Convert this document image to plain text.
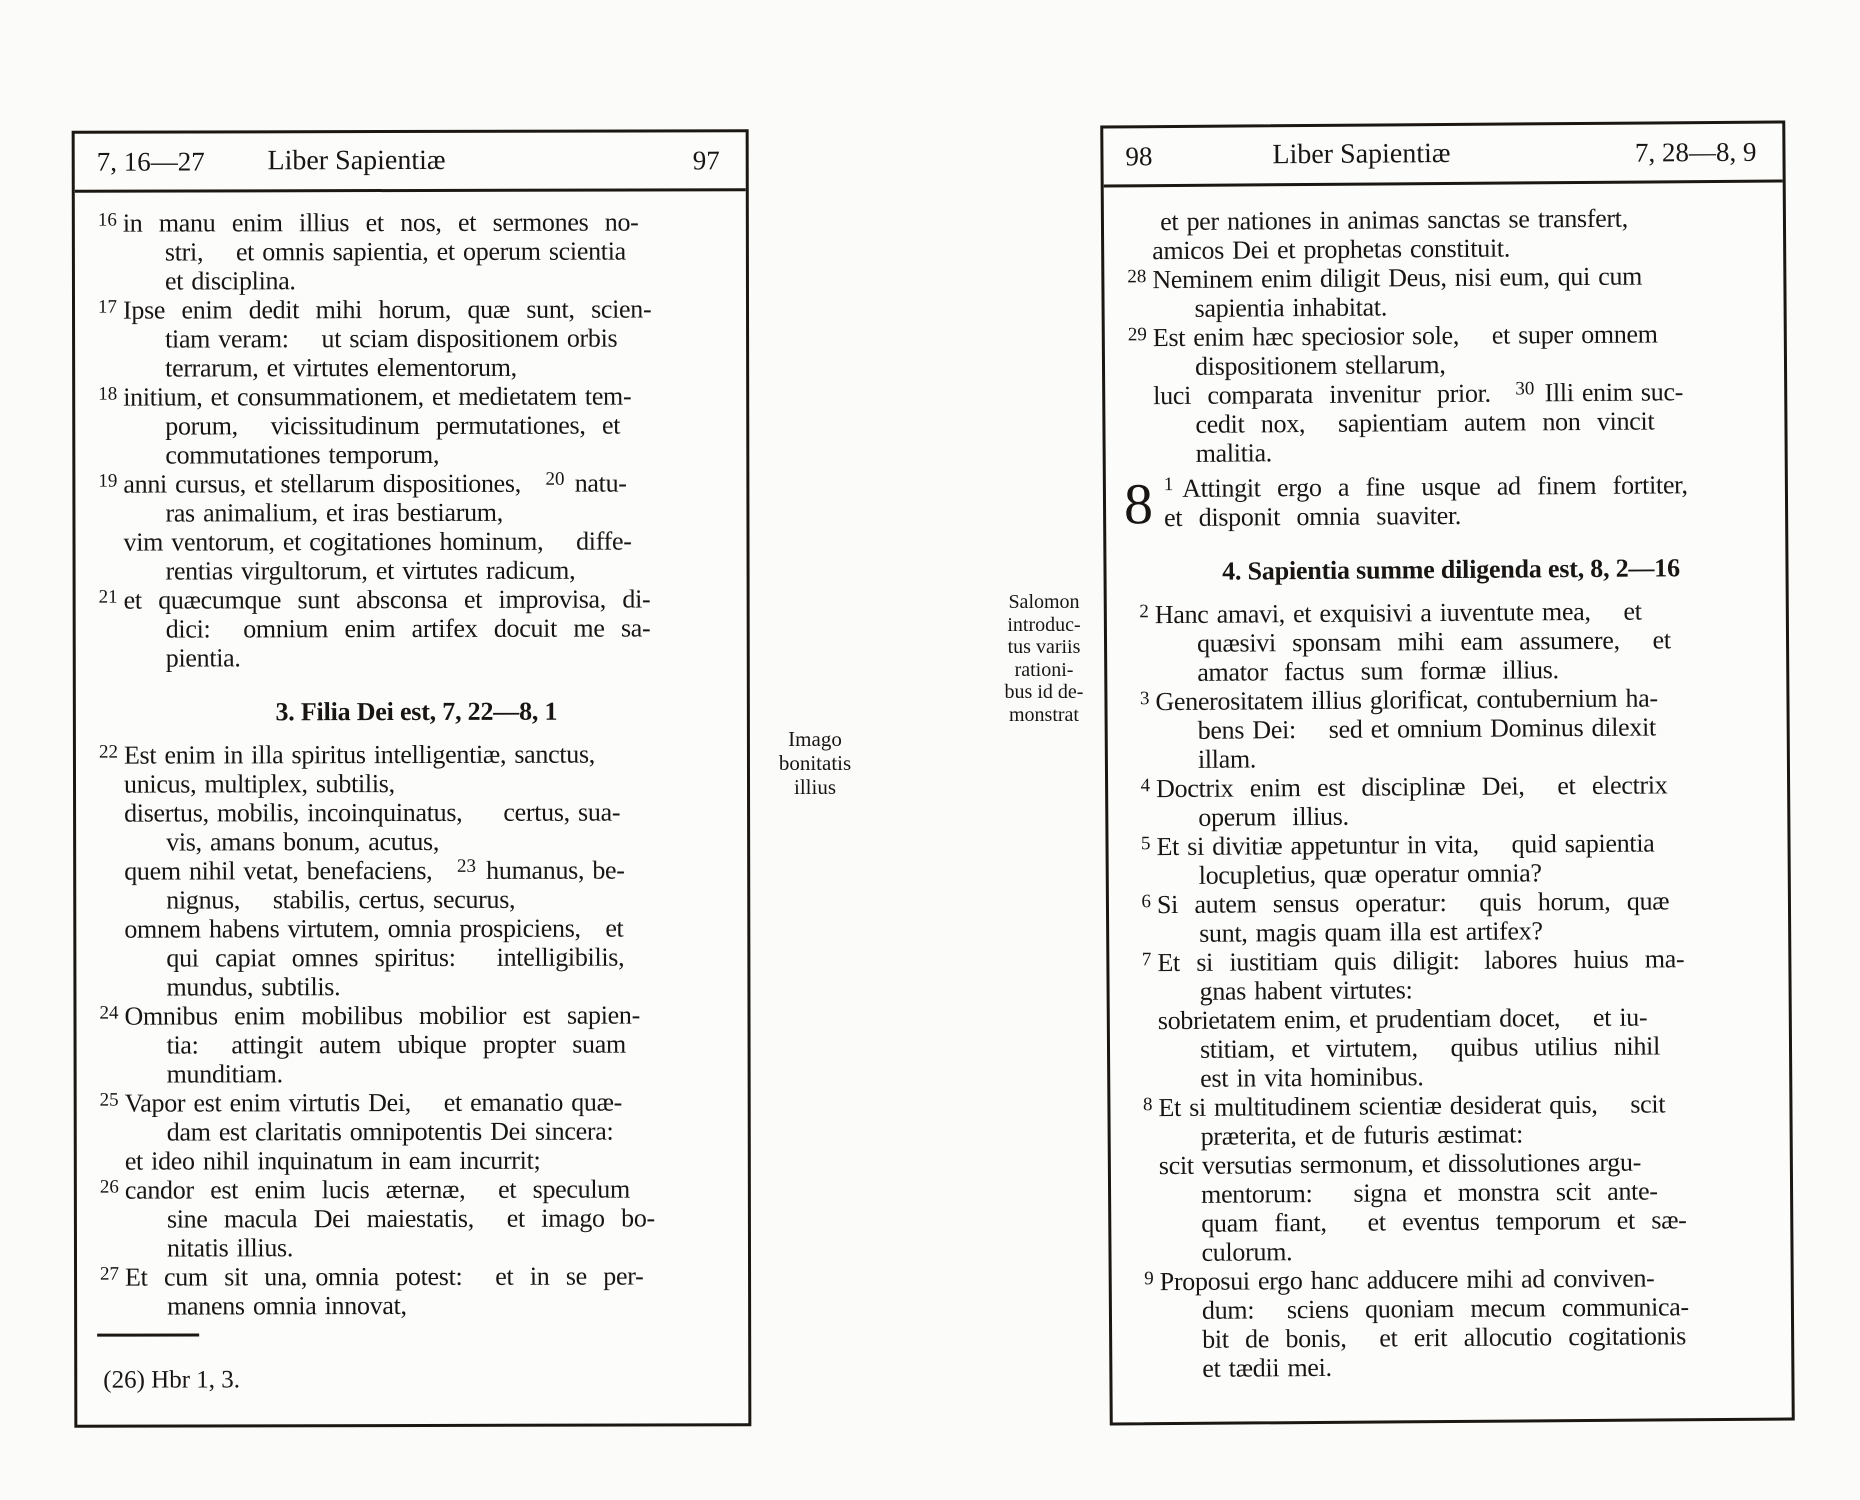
7, 16—27 Liber Sapientiæ	97
16 in  manu  enim  illius  et  nos,  et  sermones  no-
stri,    et omnis sapientia, et operum scientia
et disciplina.
17 Ipse  enim  dedit  mihi  horum,  quæ  sunt,  scien-
tiam veram:    ut sciam dispositionem orbis
terrarum, et virtutes elementorum,
18 initium, et consummationem, et medietatem tem-
porum,    vicissitudinum  permutationes,  et
commutationes temporum,
19 anni cursus, et stellarum dispositiones,   $^{20}$ natu-
ras animalium, et iras bestiarum,
vim ventorum, et cogitationes hominum,    diffe-
rentias virgultorum, et virtutes radicum,
21 et  quæcumque  sunt  absconsa  et  improvisa,  di-
dici:    omnium  enim  artifex  docuit  me  sa-
pientia.
3. Filia Dei est, 7, 22—8, 1
22 Est enim in illa spiritus intelligentiæ, sanctus,
unicus, multiplex, subtilis,
disertus, mobilis, incoinquinatus,     certus, sua-
vis, amans bonum, acutus,
quem nihil vetat, benefaciens,   $^{23}$ humanus, be-
nignus,    stabilis, certus, securus,
omnem habens virtutem, omnia prospiciens,   et
qui  capiat  omnes  spiritus:     intelligibilis,
mundus, subtilis.
24 Omnibus  enim  mobilibus  mobilior  est  sapien-
tia:    attingit  autem  ubique  propter  suam
munditiam.
25 Vapor est enim virtutis Dei,    et emanatio quæ-
dam est claritatis omnipotentis Dei sincera:
et ideo nihil inquinatum in eam incurrit;
26 candor  est  enim  lucis  æternæ,    et  speculum
sine  macula  Dei  maiestatis,    et  imago  bo-
nitatis illius.
27 Et  cum  sit  una, omnia  potest:    et  in  se  per-
manens omnia innovat,
(26) Hbr 1, 3.
98	Liber Sapientiæ	7, 28—8, 9
et per nationes in animas sanctas se transfert,
amicos Dei et prophetas constituit.
28 Neminem enim diligit Deus, nisi eum, qui cum
sapientia inhabitat.
29 Est enim hæc speciosior sole,    et super omnem
dispositionem stellarum,
luci  comparata  invenitur  prior.   $^{30}$ Illi enim suc-
cedit  nox,    sapientiam  autem  non  vincit
malitia.
8 $^1$ Attingit  ergo  a  fine  usque  ad  finem  fortiter,
et  disponit  omnia  suaviter.
4. Sapientia summe diligenda est, 8, 2—16
2 Hanc amavi, et exquisivi a iuventute mea,    et
quæsivi  sponsam  mihi  eam  assumere,    et
amator  factus  sum  formæ  illius.
3 Generositatem illius glorificat, contubernium ha-
bens Dei:    sed et omnium Dominus dilexit
illam.
4 Doctrix  enim  est  disciplinæ  Dei,    et  electrix
operum  illius.
5 Et si divitiæ appetuntur in vita,    quid sapientia
locupletius, quæ operatur omnia?
6 Si  autem  sensus  operatur:    quis  horum,  quæ
sunt, magis quam illa est artifex?
7 Et  si  iustitiam  quis  diligit:   labores  huius  ma-
gnas habent virtutes:
sobrietatem enim, et prudentiam docet,    et iu-
stitiam,  et  virtutem,    quibus  utilius  nihil
est in vita hominibus.
8 Et si multitudinem scientiæ desiderat quis,    scit
præterita, et de futuris æstimat:
scit versutias sermonum, et dissolutiones argu-
mentorum:     signa  et  monstra  scit  ante-
quam  fiant,     et  eventus  temporum  et  sæ-
culorum.
9 Proposui ergo hanc adducere mihi ad conviven-
dum:    sciens  quoniam  mecum  communica-
bit  de  bonis,    et  erit  allocutio  cogitationis
et tædii mei.
Imago
bonitatis
illius
Salomon
introduc-
tus variis
rationi-
bus id de-
monstrat
